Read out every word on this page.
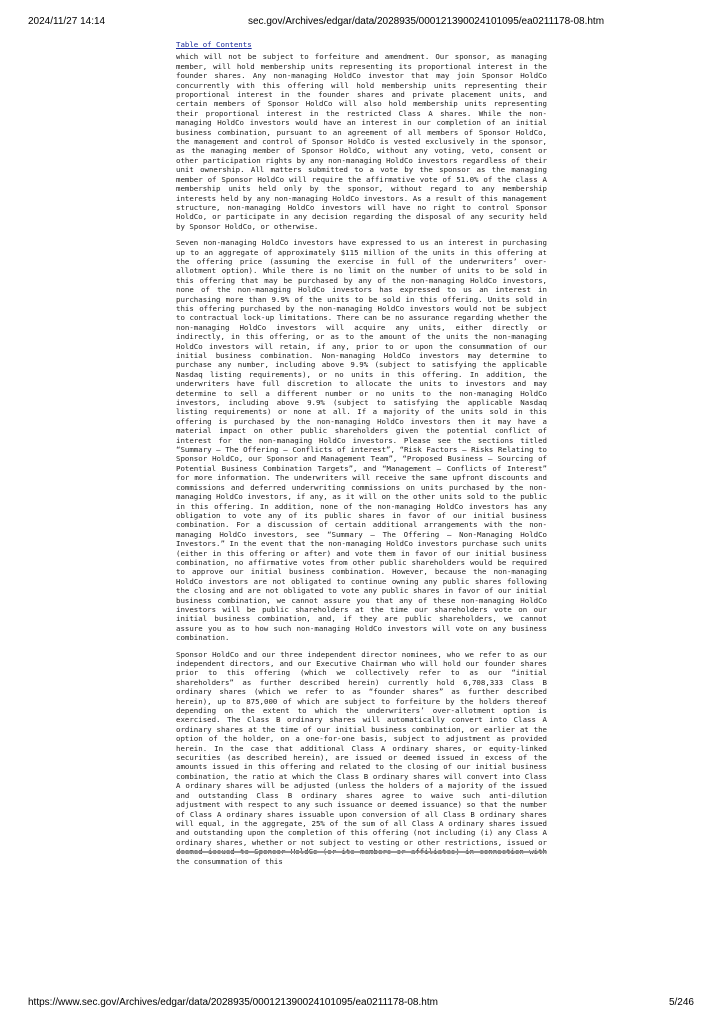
2024/11/27 14:14	sec.gov/Archives/edgar/data/2028935/000121390024101095/ea0211178-08.htm
Table of Contents

which will not be subject to forfeiture and amendment. Our sponsor, as managing member, will hold membership units representing its proportional interest in the founder shares. Any non-managing HoldCo investor that may join Sponsor HoldCo concurrently with this offering will hold membership units representing their proportional interest in the founder shares and private placement units, and certain members of Sponsor HoldCo will also hold membership units representing their proportional interest in the restricted Class A shares. While the non-managing HoldCo investors would have an interest in our completion of an initial business combination, pursuant to an agreement of all members of Sponsor HoldCo, the management and control of Sponsor HoldCo is vested exclusively in the sponsor, as the managing member of Sponsor HoldCo, without any voting, veto, consent or other participation rights by any non-managing HoldCo investors regardless of their unit ownership. All matters submitted to a vote by the sponsor as the managing member of Sponsor HoldCo will require the affirmative vote of 51.0% of the class A membership units held only by the sponsor, without regard to any membership interests held by any non-managing HoldCo investors. As a result of this management structure, non-managing HoldCo investors will have no right to control Sponsor HoldCo, or participate in any decision regarding the disposal of any security held by Sponsor HoldCo, or otherwise.

Seven non-managing HoldCo investors have expressed to us an interest in purchasing up to an aggregate of approximately $115 million of the units in this offering at the offering price (assuming the exercise in full of the underwriters’ over-allotment option). While there is no limit on the number of units to be sold in this offering that may be purchased by any of the non-managing HoldCo investors, none of the non-managing HoldCo investors has expressed to us an interest in purchasing more than 9.9% of the units to be sold in this offering. Units sold in this offering purchased by the non-managing HoldCo investors would not be subject to contractual lock-up limitations. There can be no assurance regarding whether the non-managing HoldCo investors will acquire any units, either directly or indirectly, in this offering, or as to the amount of the units the non-managing HoldCo investors will retain, if any, prior to or upon the consummation of our initial business combination. Non-managing HoldCo investors may determine to purchase any number, including above 9.9% (subject to satisfying the applicable Nasdaq listing requirements), or no units in this offering. In addition, the underwriters have full discretion to allocate the units to investors and may determine to sell a different number or no units to the non-managing HoldCo investors, including above 9.9% (subject to satisfying the applicable Nasdaq listing requirements) or none at all. If a majority of the units sold in this offering is purchased by the non-managing HoldCo investors then it may have a material impact on other public shareholders given the potential conflict of interest for the non-managing HoldCo investors. Please see the sections titled “Summary — The Offering — Conflicts of interest”, “Risk Factors — Risks Relating to Sponsor HoldCo, our Sponsor and Management Team”, “Proposed Business — Sourcing of Potential Business Combination Targets”, and “Management — Conflicts of Interest” for more information. The underwriters will receive the same upfront discounts and commissions and deferred underwriting commissions on units purchased by the non-managing HoldCo investors, if any, as it will on the other units sold to the public in this offering. In addition, none of the non-managing HoldCo investors has any obligation to vote any of its public shares in favor of our initial business combination. For a discussion of certain additional arrangements with the non-managing HoldCo investors, see “Summary — The Offering — Non-Managing HoldCo Investors.” In the event that the non-managing HoldCo investors purchase such units (either in this offering or after) and vote them in favor of our initial business combination, no affirmative votes from other public shareholders would be required to approve our initial business combination. However, because the non-managing HoldCo investors are not obligated to continue owning any public shares following the closing and are not obligated to vote any public shares in favor of our initial business combination, we cannot assure you that any of these non-managing HoldCo investors will be public shareholders at the time our shareholders vote on our initial business combination, and, if they are public shareholders, we cannot assure you as to how such non-managing HoldCo investors will vote on any business combination.

Sponsor HoldCo and our three independent director nominees, who we refer to as our independent directors, and our Executive Chairman who will hold our founder shares prior to this offering (which we collectively refer to as our “initial shareholders” as further described herein) currently hold 6,708,333 Class B ordinary shares (which we refer to as “founder shares” as further described herein), up to 875,000 of which are subject to forfeiture by the holders thereof depending on the extent to which the underwriters’ over-allotment option is exercised. The Class B ordinary shares will automatically convert into Class A ordinary shares at the time of our initial business combination, or earlier at the option of the holder, on a one-for-one basis, subject to adjustment as provided herein. In the case that additional Class A ordinary shares, or equity-linked securities (as described herein), are issued or deemed issued in excess of the amounts issued in this offering and related to the closing of our initial business combination, the ratio at which the Class B ordinary shares will convert into Class A ordinary shares will be adjusted (unless the holders of a majority of the issued and outstanding Class B ordinary shares agree to waive such anti-dilution adjustment with respect to any such issuance or deemed issuance) so that the number of Class A ordinary shares issuable upon conversion of all Class B ordinary shares will equal, in the aggregate, 25% of the sum of all Class A ordinary shares issued and outstanding upon the completion of this offering (not including (i) any Class A ordinary shares, whether or not subject to vesting or other restrictions, issued or deemed issued to Sponsor HoldCo (or its members or affiliates) in connection with the consummation of this

https://www.sec.gov/Archives/edgar/data/2028935/000121390024101095/ea0211178-08.htm	5/246
